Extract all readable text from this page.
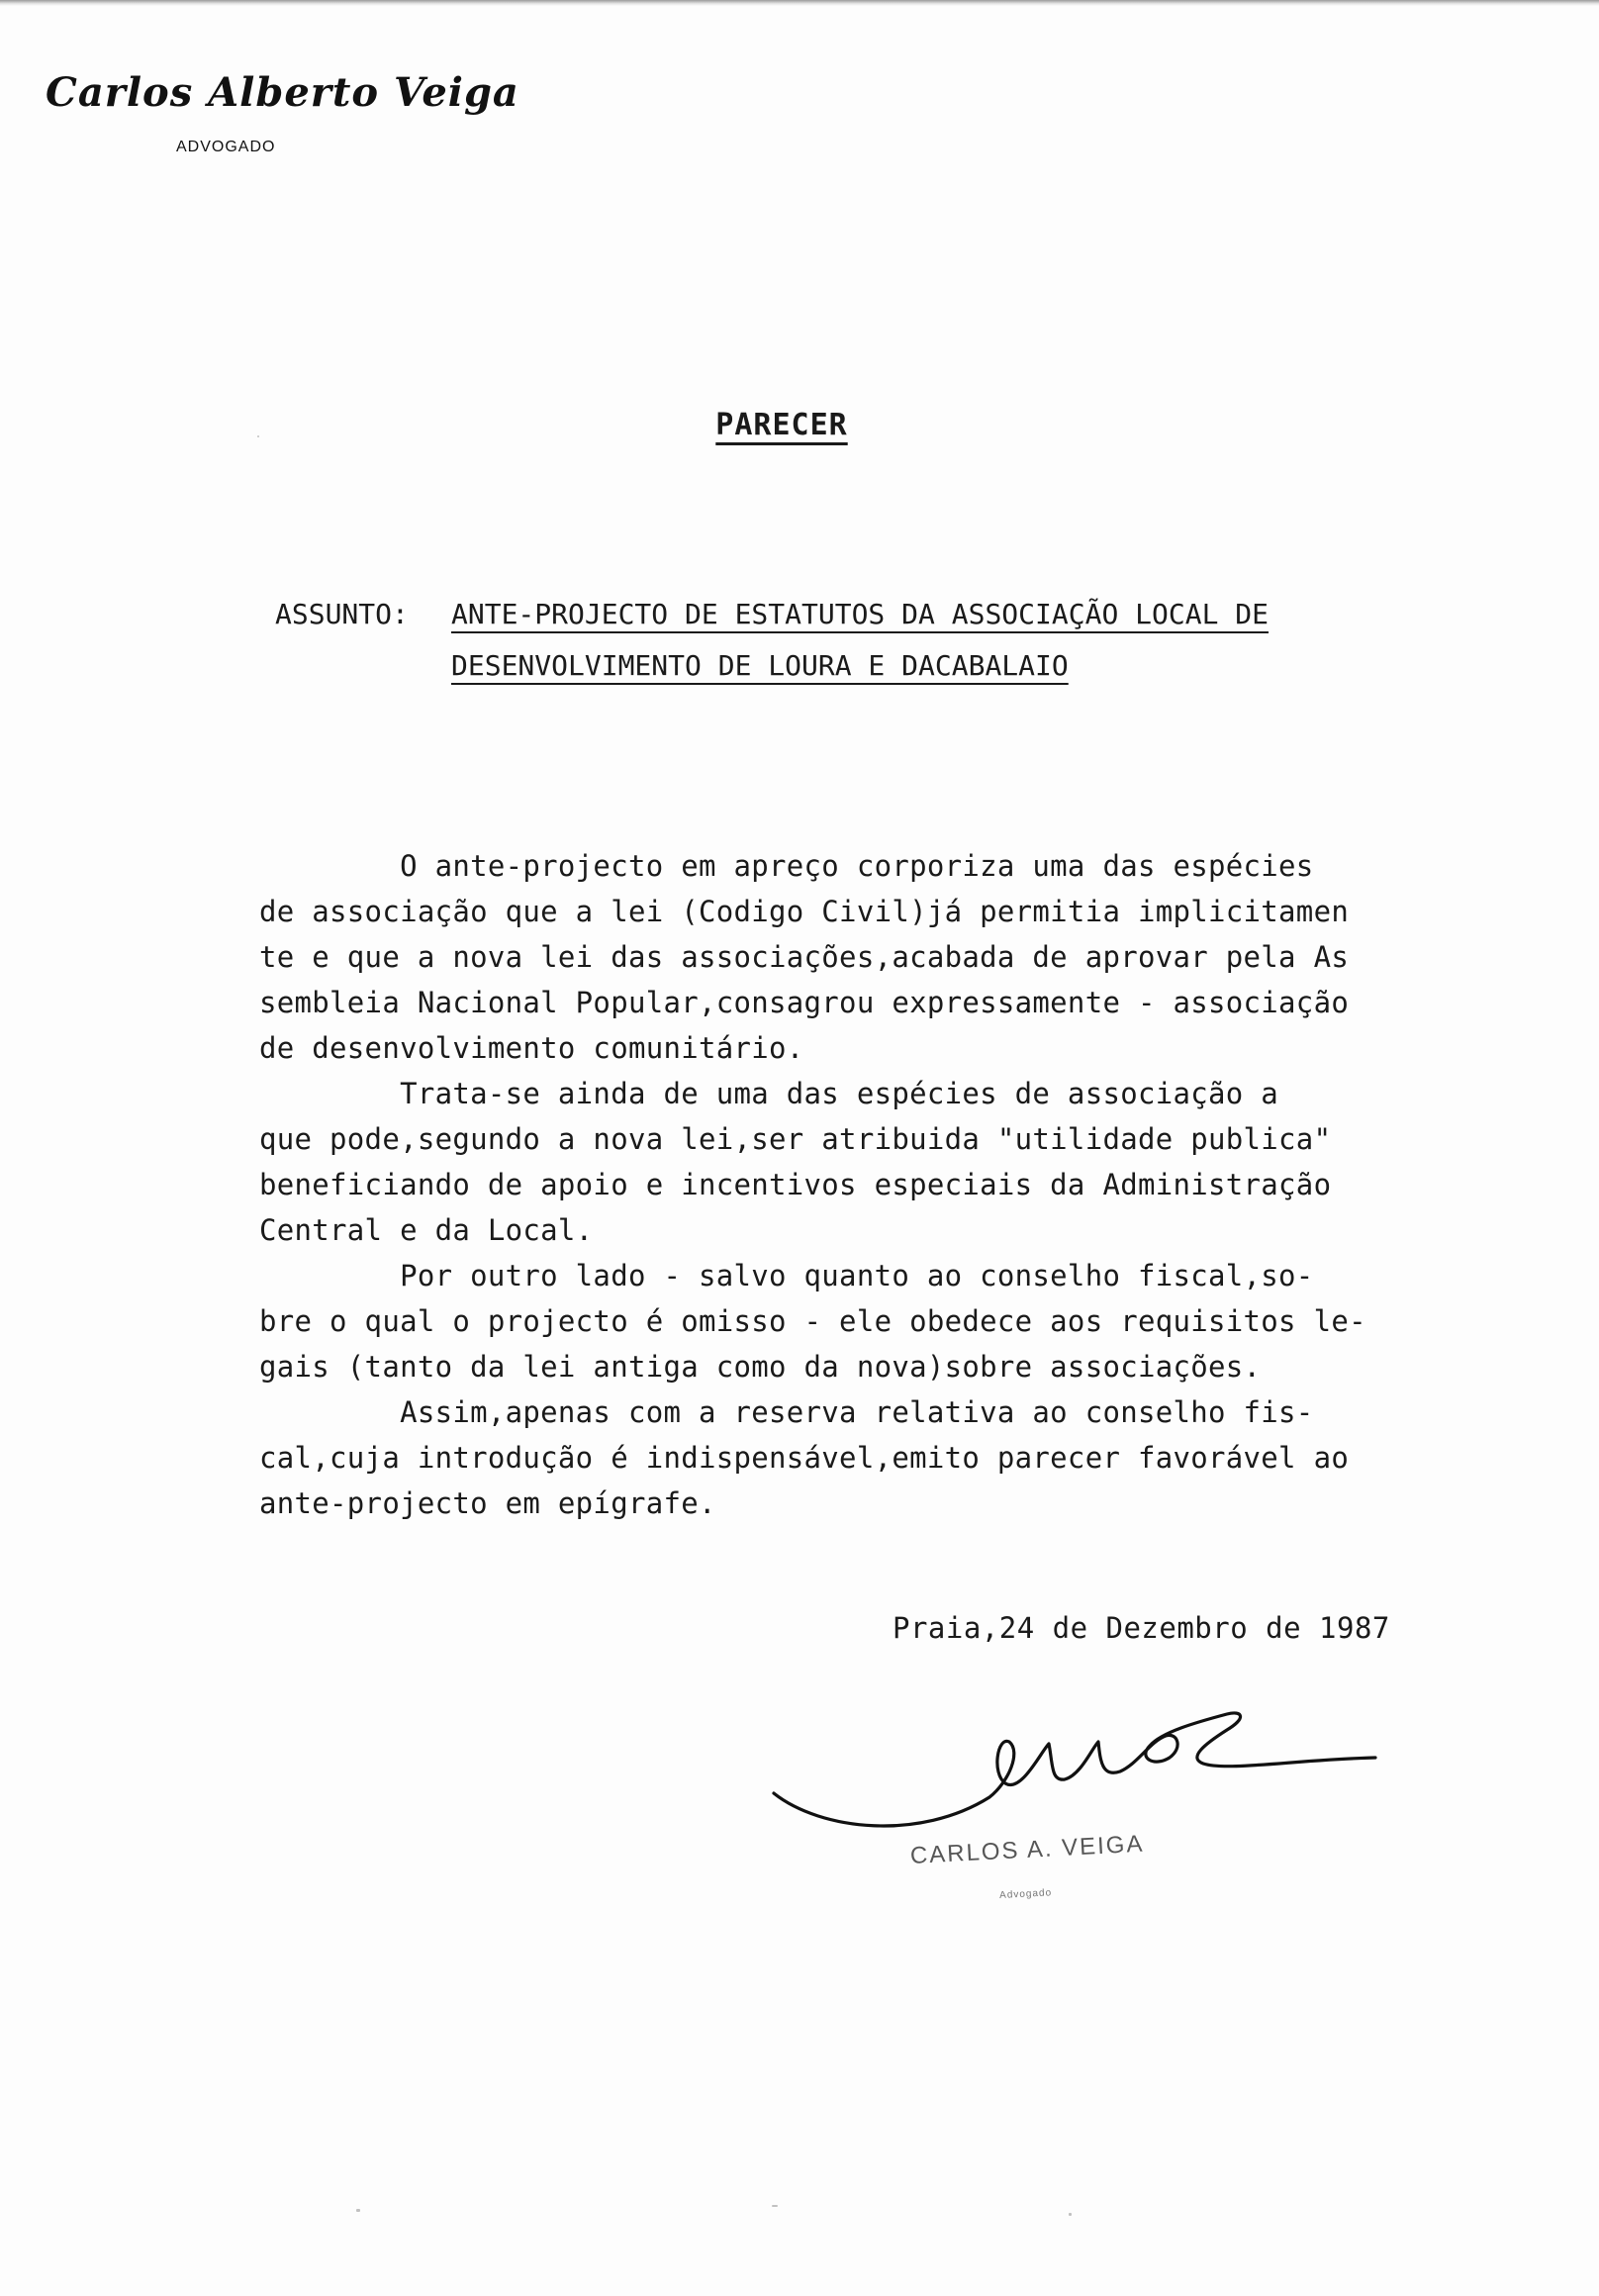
Carlos Alberto Veiga
ADVOGADO
PARECER
ASSUNTO: ANTE-PROJECTO DE ESTATUTOS DA ASSOCIAÇÃO LOCAL DE
DESENVOLVIMENTO DE LOURA E DACABALAIO

O ante-projecto em apreço corporiza uma das espécies
de associação que a lei (Codigo Civil)já permitia implicitamen
te e que a nova lei das associações,acabada de aprovar pela As
sembleia Nacional Popular,consagrou expressamente - associação
de desenvolvimento comunitário.

Trata-se ainda de uma das espécies de associação a
que pode,segundo a nova lei,ser atribuida "utilidade publica"
beneficiando de apoio e incentivos especiais da Administração
Central e da Local.

Por outro lado - salvo quanto ao conselho fiscal,so-
bre o qual o projecto é omisso - ele obedece aos requisitos le-
gais (tanto da lei antiga como da nova)sobre associações.

Assim,apenas com a reserva relativa ao conselho fis-
cal,cuja introdução é indispensável,emito parecer favorável ao
ante-projecto em epígrafe.

Praia,24 de Dezembro de 1987
CARLOS A. VEIGA
Advogado
